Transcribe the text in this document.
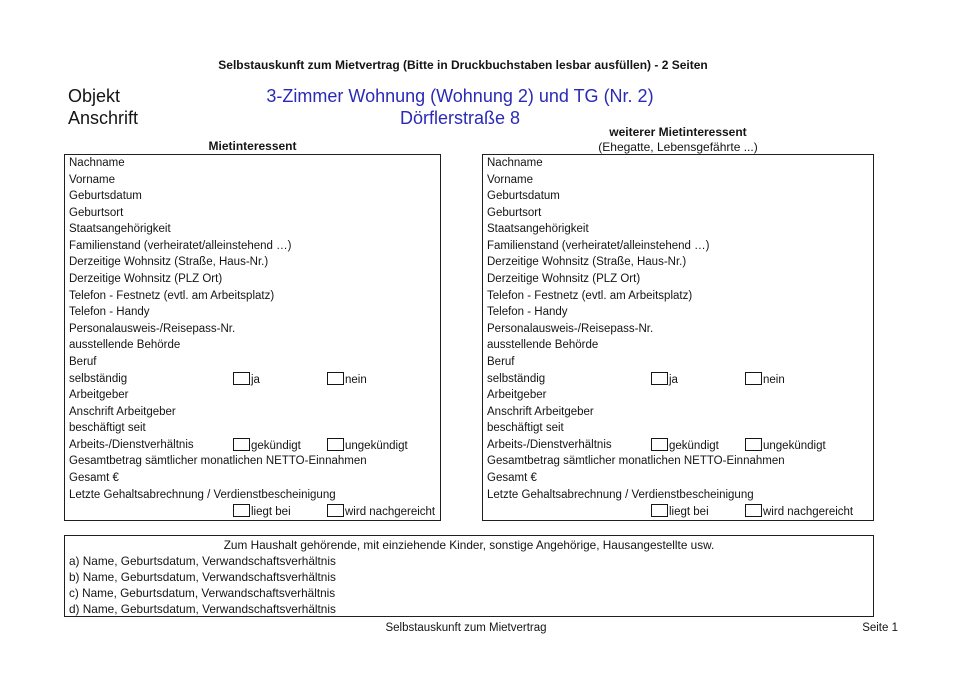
Selbstauskunft zum Mietvertrag (Bitte in Druckbuchstaben lesbar ausfüllen) - 2 Seiten
Objekt
Anschrift
3-Zimmer Wohnung (Wohnung 2) und TG (Nr. 2)
Dörflerstraße 8
Mietinteressent
weiterer Mietinteressent
(Ehegatte, Lebensgefährte ...)
Nachname
Vorname
Geburtsdatum
Geburtsort
Staatsangehörigkeit
Familienstand (verheiratet/alleinstehend …)
Derzeitige Wohnsitz (Straße, Haus-Nr.)
Derzeitige Wohnsitz (PLZ Ort)
Telefon - Festnetz (evtl. am Arbeitsplatz)
Telefon - Handy
Personalausweis-/Reisepass-Nr.
ausstellende Behörde
Beruf
selbständig	ja	nein
Arbeitgeber
Anschrift Arbeitgeber
beschäftigt seit
Arbeits-/Dienstverhältnis	gekündigt	ungekündigt
Gesamtbetrag sämtlicher monatlichen NETTO-Einnahmen
Gesamt €
Letzte Gehaltsabrechnung / Verdienstbescheinigung
liegt bei	wird nachgereicht
Nachname
Vorname
Geburtsdatum
Geburtsort
Staatsangehörigkeit
Familienstand (verheiratet/alleinstehend …)
Derzeitige Wohnsitz (Straße, Haus-Nr.)
Derzeitige Wohnsitz (PLZ Ort)
Telefon - Festnetz (evtl. am Arbeitsplatz)
Telefon - Handy
Personalausweis-/Reisepass-Nr.
ausstellende Behörde
Beruf
selbständig	ja	nein
Arbeitgeber
Anschrift Arbeitgeber
beschäftigt seit
Arbeits-/Dienstverhältnis	gekündigt	ungekündigt
Gesamtbetrag sämtlicher monatlichen NETTO-Einnahmen
Gesamt €
Letzte Gehaltsabrechnung / Verdienstbescheinigung
liegt bei	wird nachgereicht
Zum Haushalt gehörende, mit einziehende Kinder, sonstige Angehörige, Hausangestellte usw.
a) Name, Geburtsdatum, Verwandschaftsverhältnis
b) Name, Geburtsdatum, Verwandschaftsverhältnis
c) Name, Geburtsdatum, Verwandschaftsverhältnis
d) Name, Geburtsdatum, Verwandschaftsverhältnis
Selbstauskunft zum Mietvertrag	Seite 1
